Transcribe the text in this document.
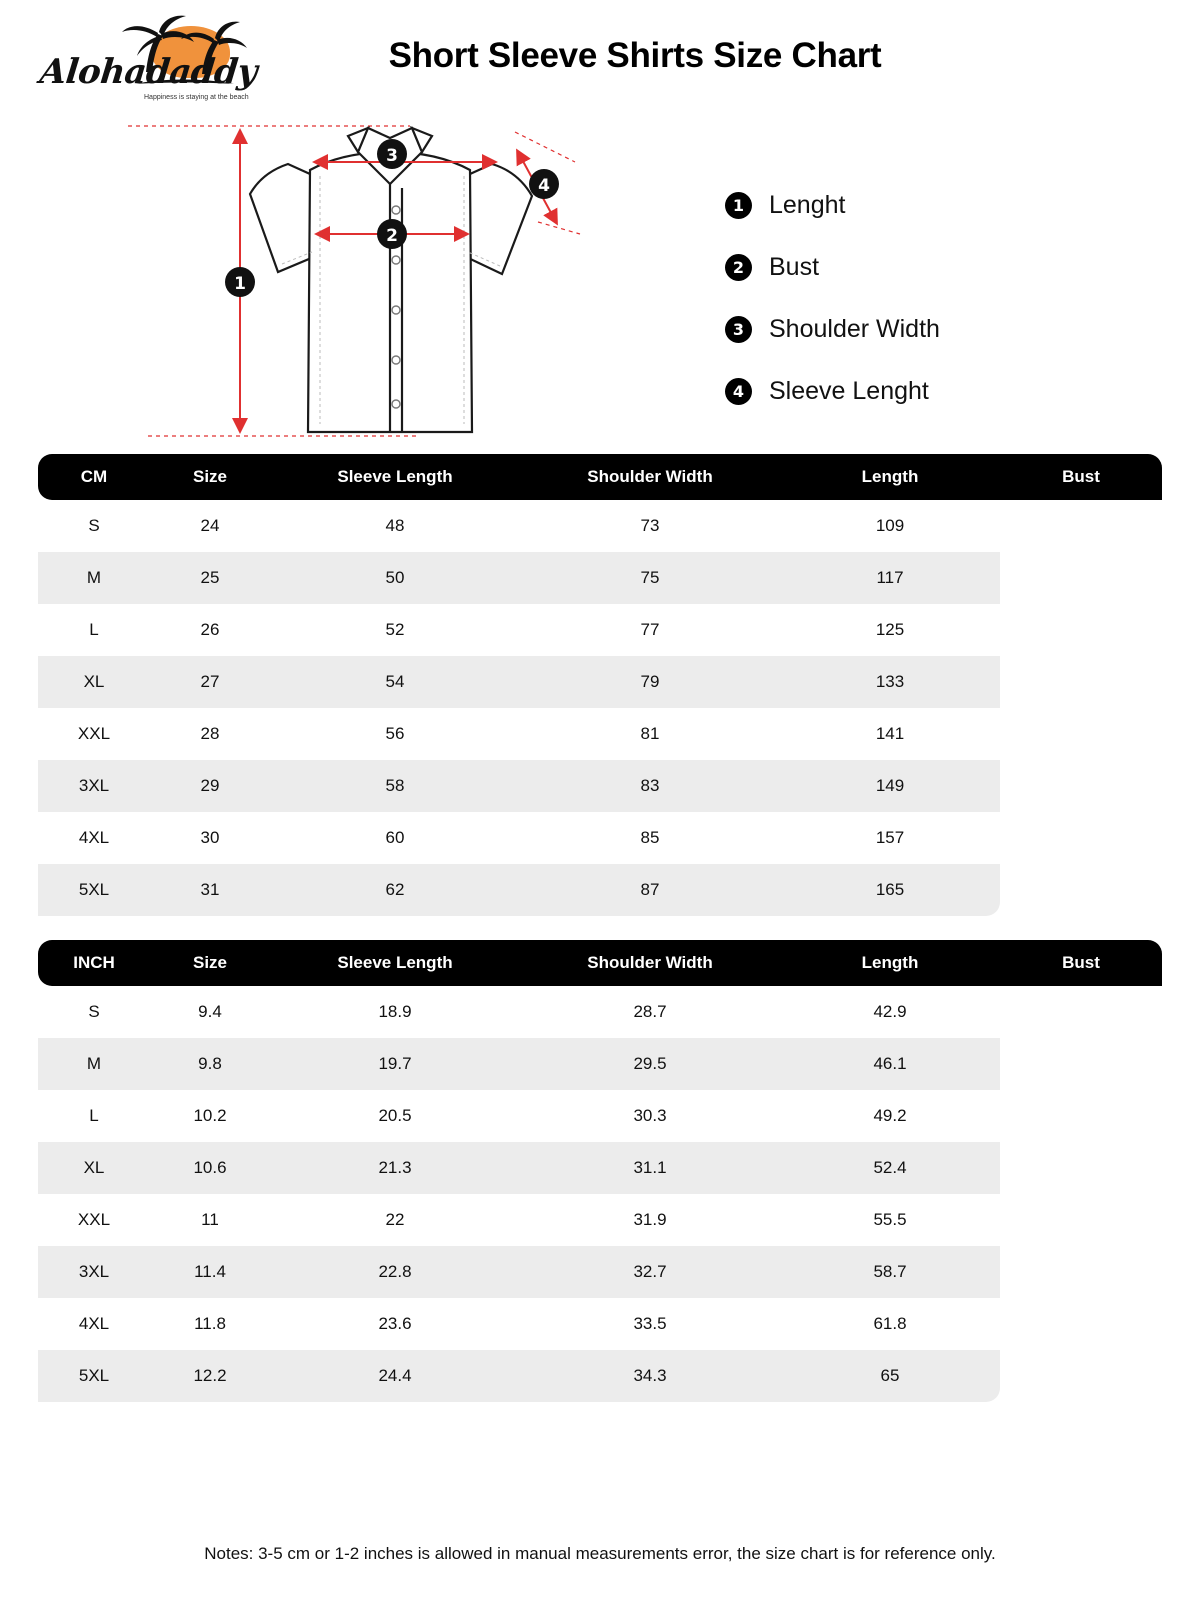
Alohadaddy
Happiness is staying at the beach
Short Sleeve Shirts Size Chart
1
2
3
4
1 Lenght
2 Bust
3 Shoulder Width
4 Sleeve Lenght
CM	Size	Sleeve Length	Shoulder Width	Length	Bust
S	24	48	73	109	
M	25	50	75	117	
L	26	52	77	125	
XL	27	54	79	133	
XXL	28	56	81	141	
3XL	29	58	83	149	
4XL	30	60	85	157	
5XL	31	62	87	165	
INCH	Size	Sleeve Length	Shoulder Width	Length	Bust
S	9.4	18.9	28.7	42.9	
M	9.8	19.7	29.5	46.1	
L	10.2	20.5	30.3	49.2	
XL	10.6	21.3	31.1	52.4	
XXL	11	22	31.9	55.5	
3XL	11.4	22.8	32.7	58.7	
4XL	11.8	23.6	33.5	61.8	
5XL	12.2	24.4	34.3	65	
Notes: 3-5 cm or 1-2 inches is allowed in manual measurements error, the size chart is for reference only.
